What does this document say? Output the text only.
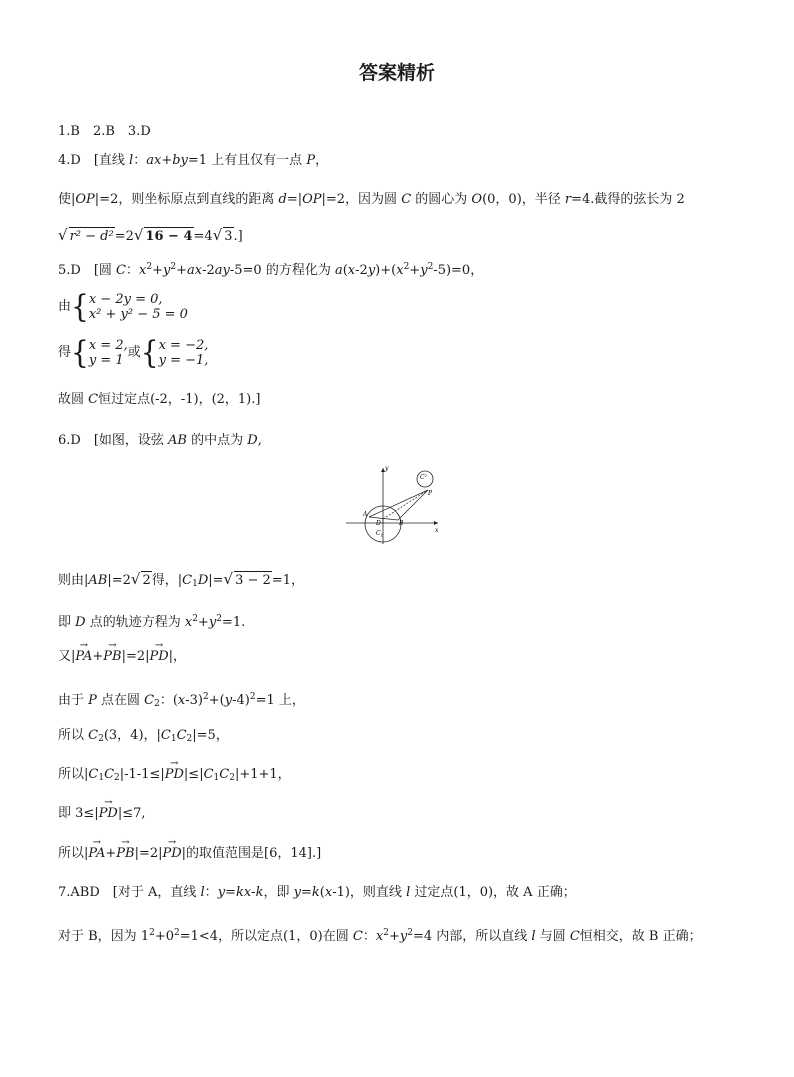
答案精析
1.B　2.B　3.D
4.D　[直线 l：ax+by=1 上有且仅有一点 P，
使|OP|=2，则坐标原点到直线的距离 d=|OP|=2，因为圆 C 的圆心为 O(0，0)，半径 r=4.截得的弦长为 2
√ r² − d²=2√ 16 − 4=4√ 3.]
5.D　[圆 C：$x^2+y^2+ax-2ay-5=0$ 的方程化为 $a(x-2y)+(x^2+y^2-5)=0$，
由{x − 2y = 0,
x² + y² − 5 = 0
得{x = 2,
y = 1或{x = −2,
y = −1,
故圆 C恒过定点(-2，-1)，(2，1).]
6.D　[如图，设弦 AB 的中点为 D,
y
x
A
B
D
$C_1$
$C^2$
P
则由|AB|=2√ 2得，$|C_1D|=√$ 3 − 2=1，
即 D 点的轨迹方程为 $x^2+y^2=1$.
又|→ PA+→ PB|=2|→ PD|，
由于 P 点在圆 $C_2$：$(x-3)^2+(y-4)^2=1$ 上，
所以 $C_2(3$，4)，$|C_1C_2|=5$，
所以$|C_1C_2|-1-1\le|\to PD|\le|C_1C_2|+1+1$，
即 3≤|→ PD|≤7,
所以|→ PA+→ PB|=2|→ PD|的取值范围是[6，14].]
7.ABD　[对于 A，直线 l：y=kx-k，即 y=k(x-1)，则直线 l 过定点(1，0)，故 A 正确；
对于 B，因为 $1^2+0^2=1<4$，所以定点(1，0)在圆 C：$x^2+y^2=4$ 内部，所以直线 l 与圆 C恒相交，故 B 正确；
